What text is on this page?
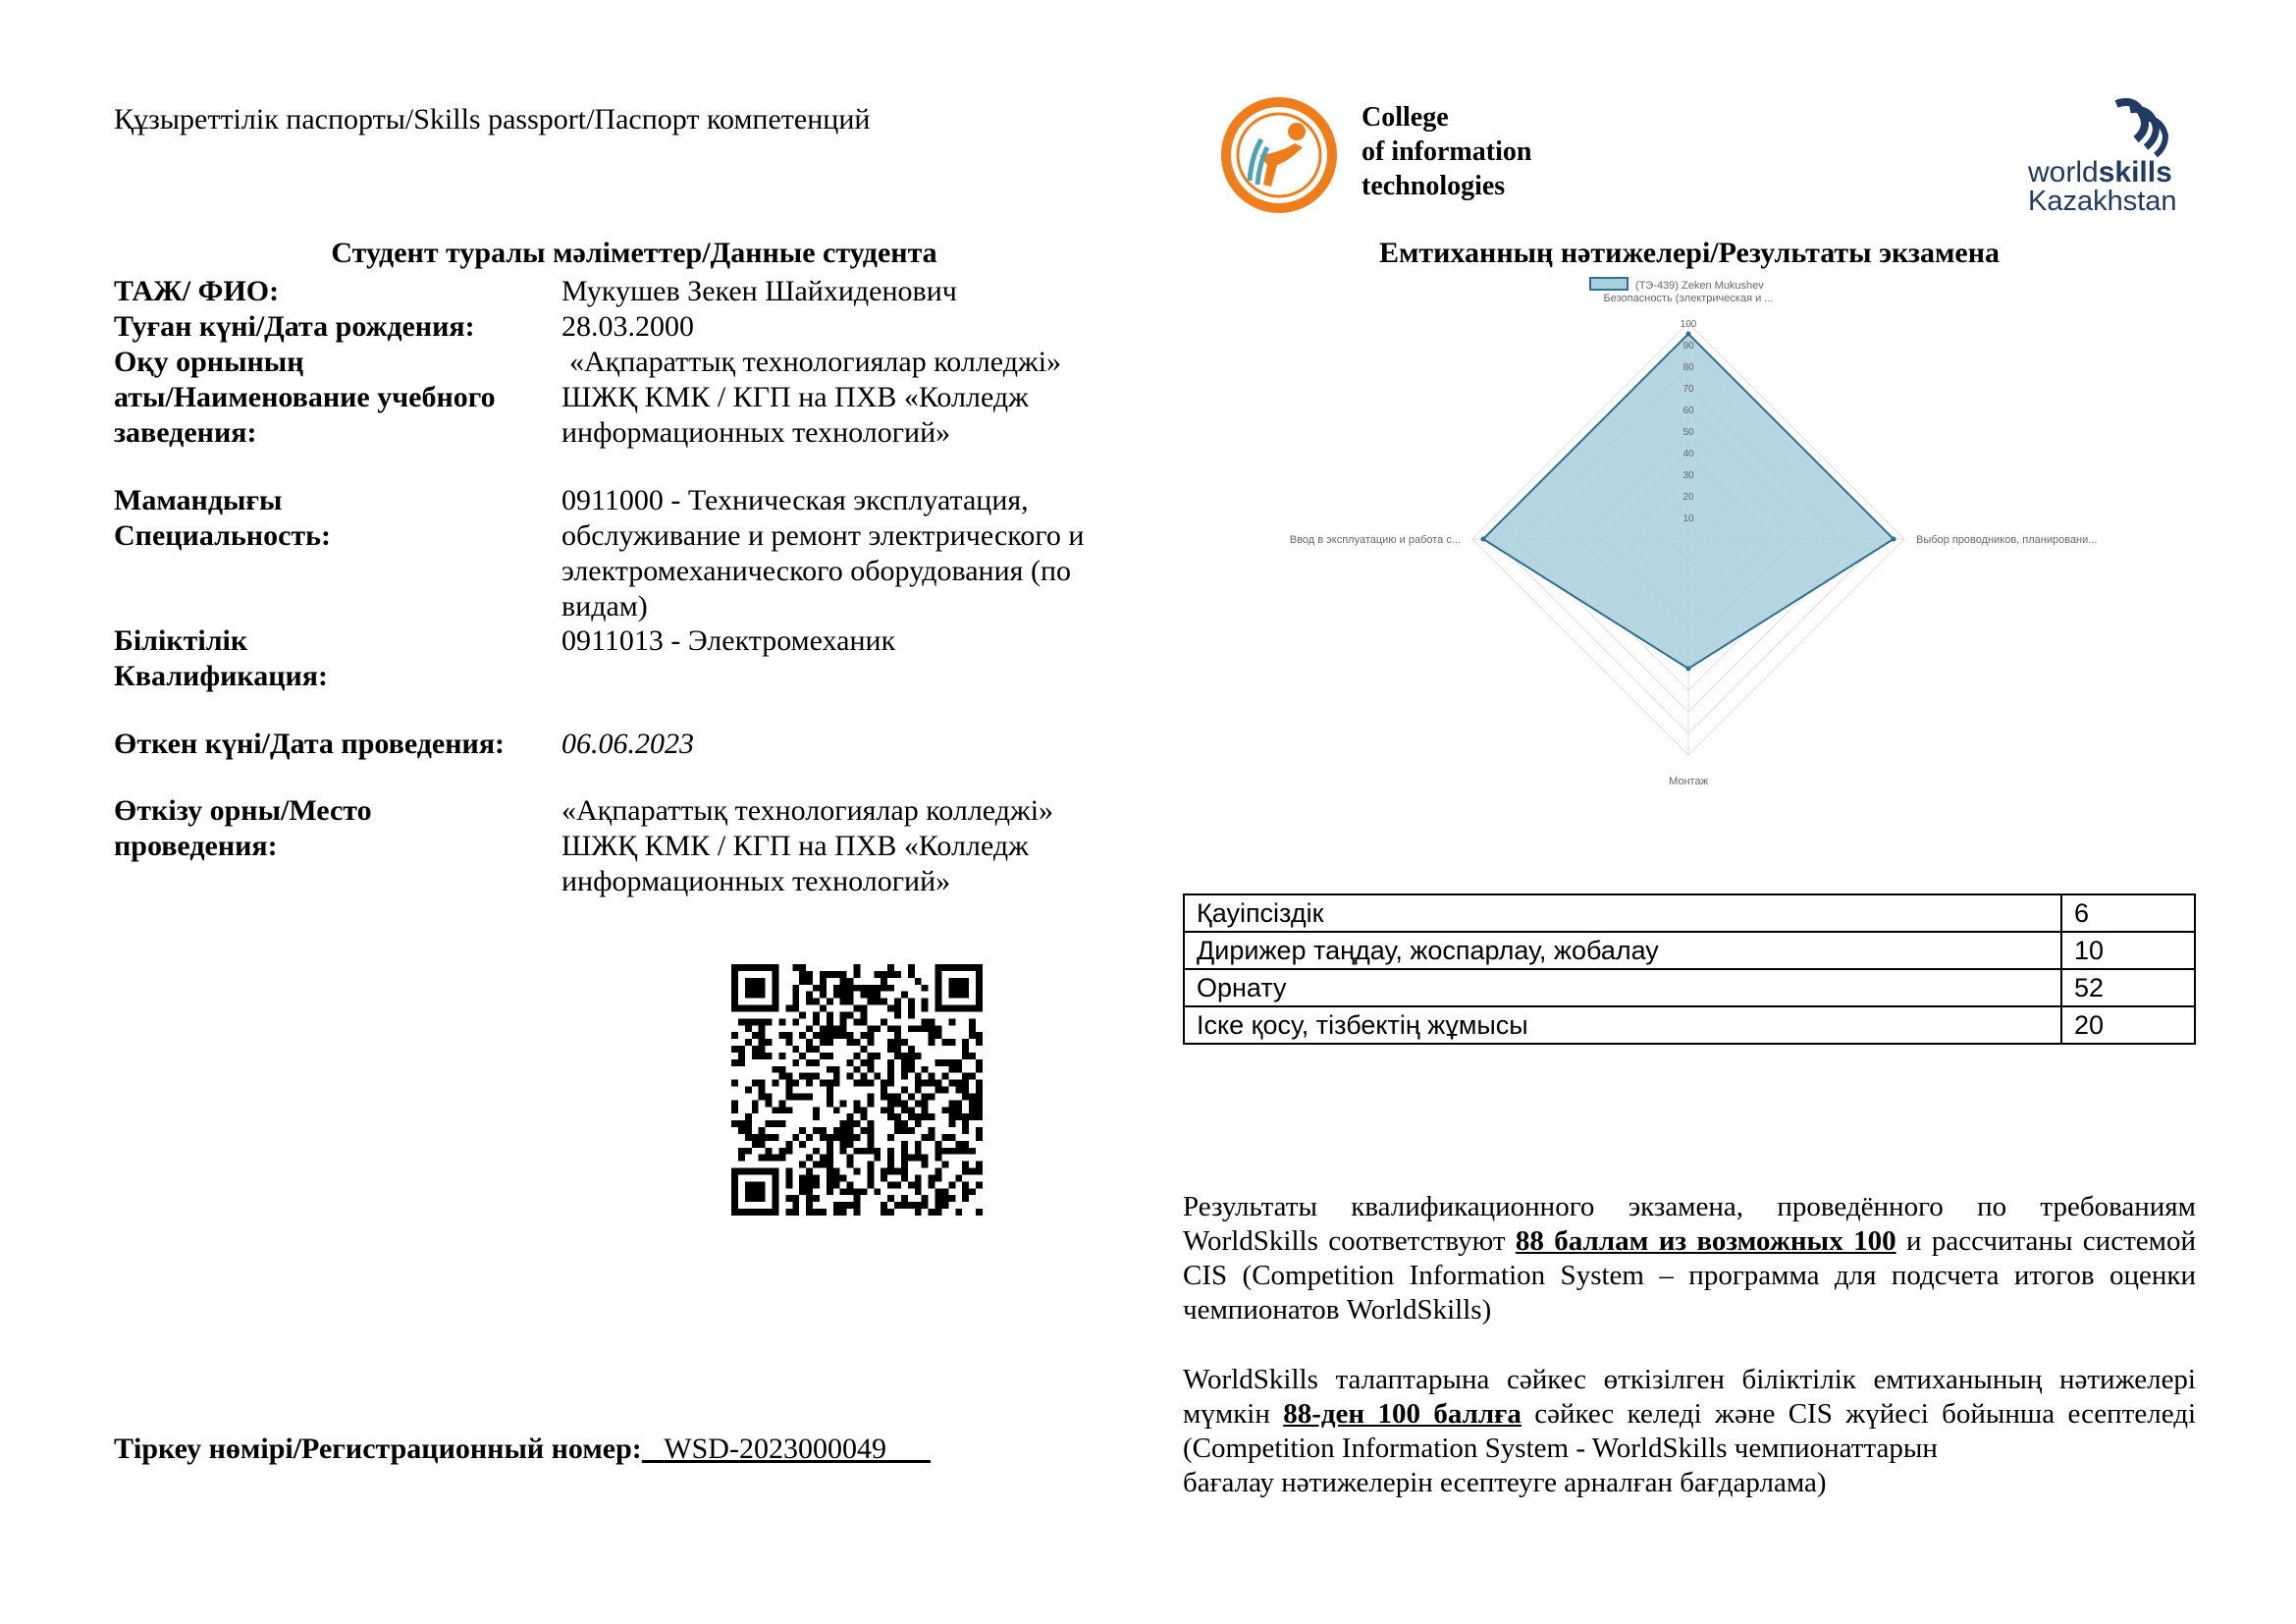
Құзыреттілік паспорты/Skills passport/Паспорт компетенций	College
of information
technologies	worldskills
Kazakhstan
Студент туралы мәліметтер/Данные студента	Емтиханның нәтижелері/Результаты экзамена
ТАЖ/ ФИО:	Мукушев Зекен Шайхиденович
Туған күні/Дата рождения:	28.03.2000
Оқу орнының
аты/Наименование учебного
заведения:
«Ақпараттық технологиялар колледжі»
ШЖҚ КМК / КГП на ПХВ «Колледж
информационных технологий»
Мамандығы
Специальность:
0911000 - Техническая эксплуатация,
обслуживание и ремонт электрического и
электромеханического оборудования (по
видам)
Біліктілік
Квалификация:
0911013 - Электромеханик
Өткен күні/Дата проведения:	06.06.2023
Өткізу орны/Место
проведения:
«Ақпараттық технологиялар колледжі»
ШЖҚ КМК / КГП на ПХВ «Колледж
информационных технологий»
Тіркеу нөмірі/Регистрационный номер: WSD-2023000049
10
20
30
40
50
60
70
80
90
100
Безопасность (электрическая и ...
Выбор проводников, планировани...
Монтаж
Ввод в эксплуатацию и работа с...
(ТЭ-439) Zeken Mukushev
Қауіпсіздік	6
Дирижер таңдау, жоспарлау, жобалау	10
Орнату	52
Іске қосу, тізбектің жұмысы	20
Результаты квалификационного экзамена, проведённого по требованиям WorldSkills соответствуют 88 баллам из возможных 100 и рассчитаны системой CIS (Competition Information System – программа для подсчета итогов оценки чемпионатов WorldSkills)
WorldSkills талаптарына сәйкес өткізілген біліктілік емтиханының нәтижелері мүмкін 88-ден 100 баллға сәйкес келеді және CIS жүйесі бойынша есептеледі (Competition Information System - WorldSkills чемпионаттарын
бағалау нәтижелерін есептеуге арналған бағдарлама)
